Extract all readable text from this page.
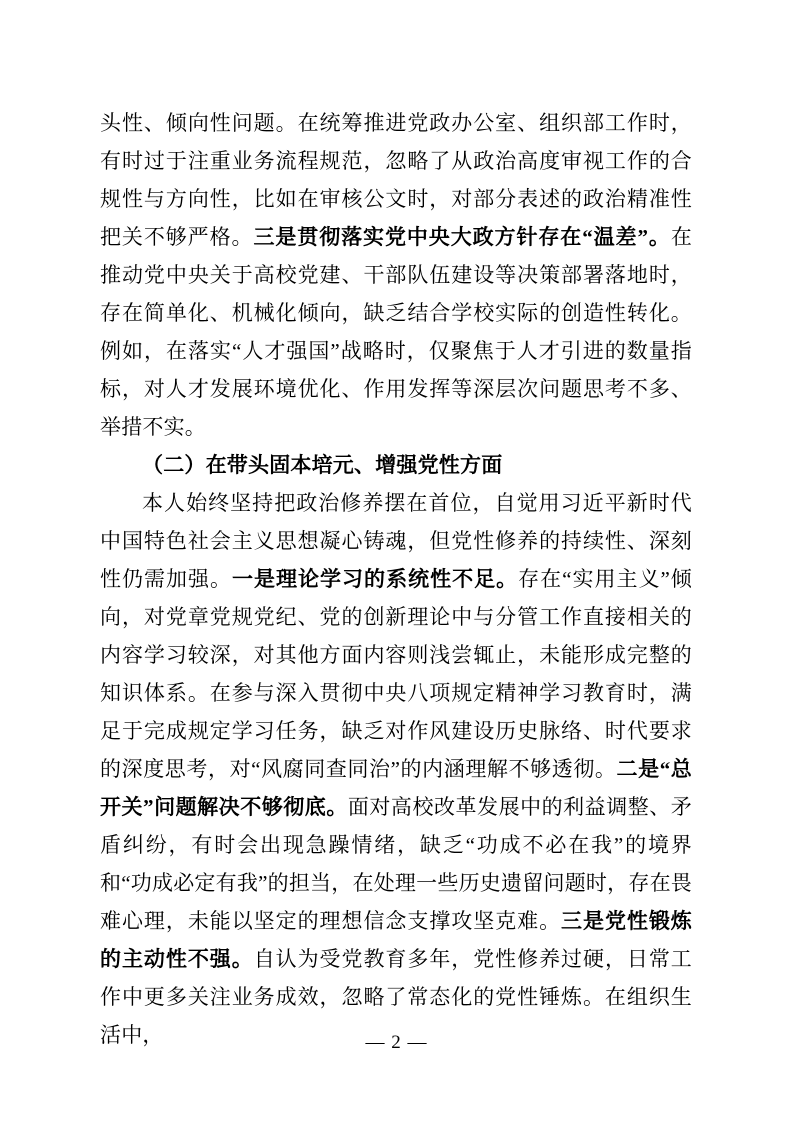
头性、倾向性问题。在统筹推进党政办公室、组织部工作时，有时过于注重业务流程规范，忽略了从政治高度审视工作的合规性与方向性，比如在审核公文时，对部分表述的政治精准性把关不够严格。三是贯彻落实党中央大政方针存在“温差”。在推动党中央关于高校党建、干部队伍建设等决策部署落地时，存在简单化、机械化倾向，缺乏结合学校实际的创造性转化。例如，在落实“人才强国”战略时，仅聚焦于人才引进的数量指标，对人才发展环境优化、作用发挥等深层次问题思考不多、举措不实。

（二）在带头固本培元、增强党性方面

本人始终坚持把政治修养摆在首位，自觉用习近平新时代中国特色社会主义思想凝心铸魂，但党性修养的持续性、深刻性仍需加强。一是理论学习的系统性不足。存在“实用主义”倾向，对党章党规党纪、党的创新理论中与分管工作直接相关的内容学习较深，对其他方面内容则浅尝辄止，未能形成完整的知识体系。在参与深入贯彻中央八项规定精神学习教育时，满足于完成规定学习任务，缺乏对作风建设历史脉络、时代要求的深度思考，对“风腐同查同治”的内涵理解不够透彻。二是“总开关”问题解决不够彻底。面对高校改革发展中的利益调整、矛盾纠纷，有时会出现急躁情绪，缺乏“功成不必在我”的境界和“功成必定有我”的担当，在处理一些历史遗留问题时，存在畏难心理，未能以坚定的理想信念支撑攻坚克难。三是党性锻炼的主动性不强。自认为受党教育多年，党性修养过硬，日常工作中更多关注业务成效，忽略了常态化的党性锤炼。在组织生活中，	— 2 —
